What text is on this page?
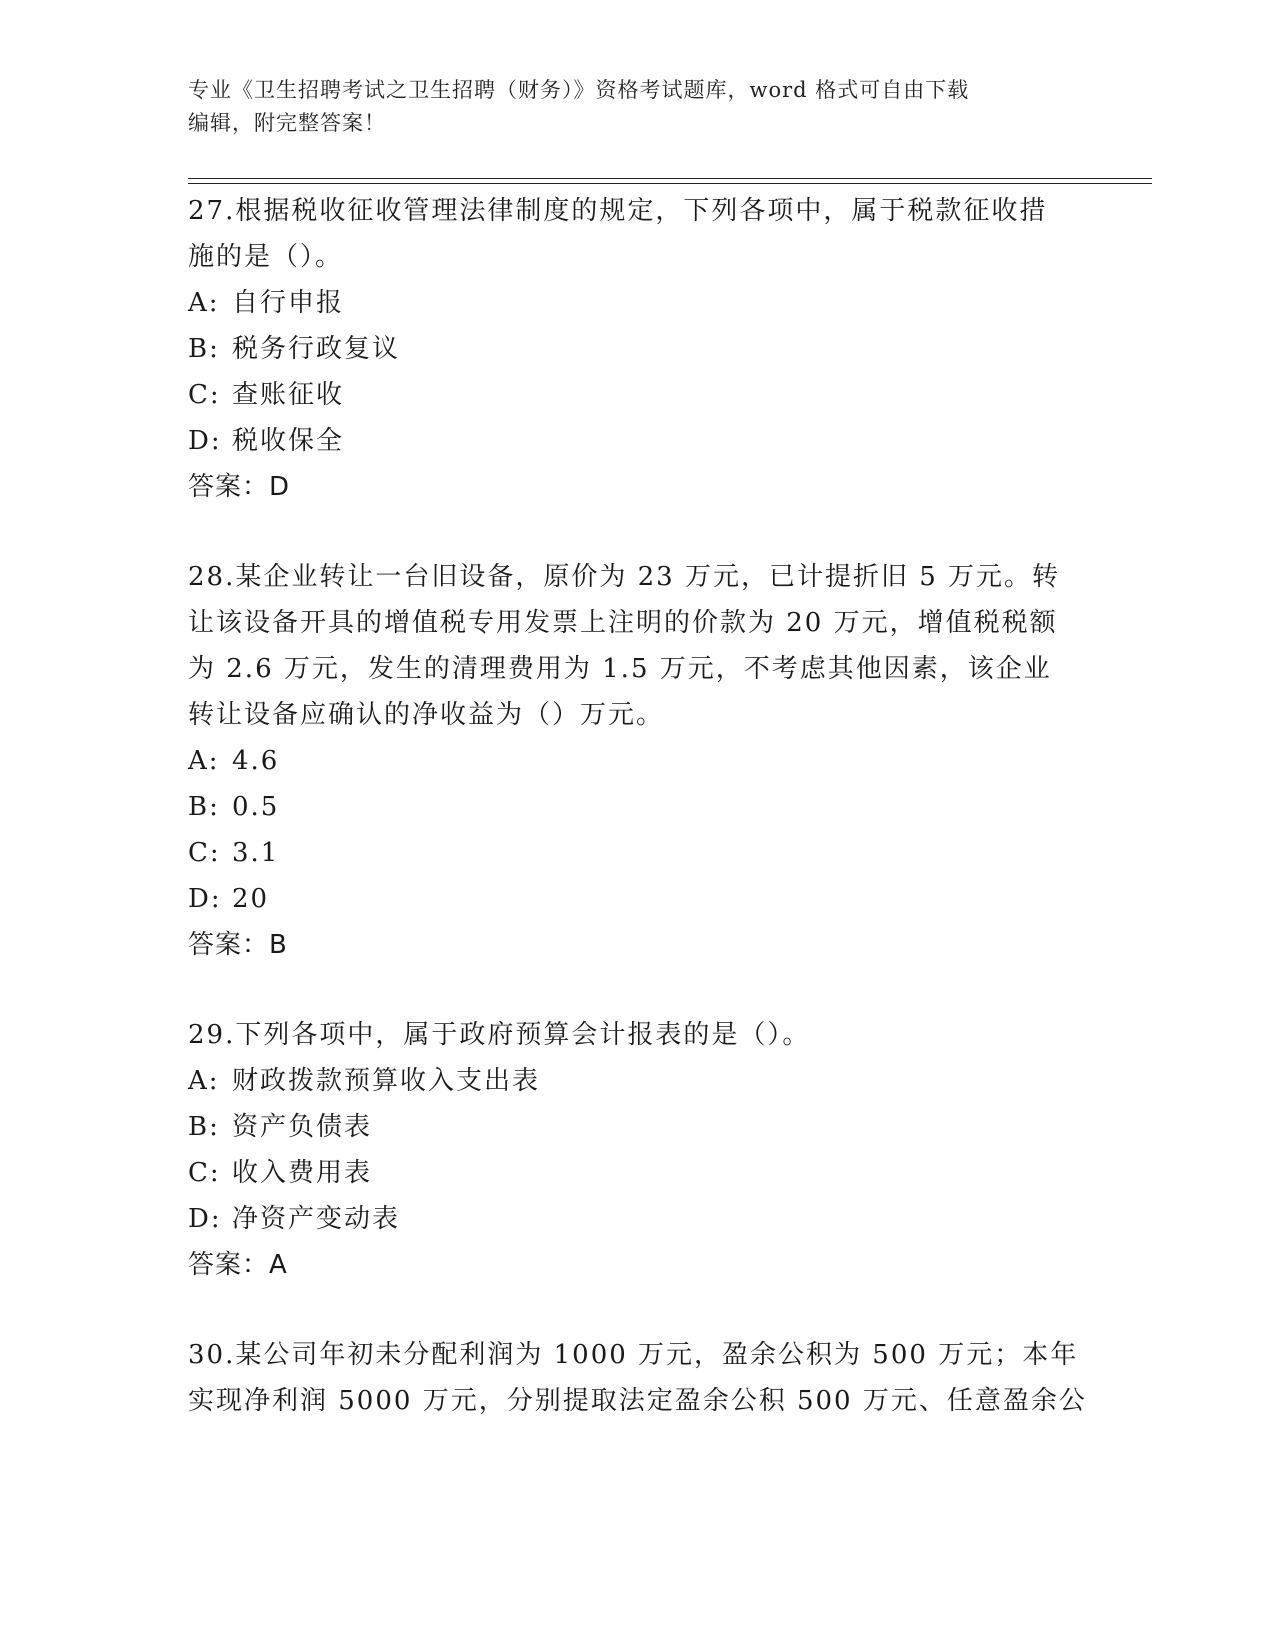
专业《卫生招聘考试之卫生招聘（财务）》资格考试题库，word 格式可自由下载
编辑，附完整答案！
27.根据税收征收管理法律制度的规定，下列各项中，属于税款征收措
施的是（）。
A: 自行申报
B: 税务行政复议
C: 查账征收
D: 税收保全
答案：D
28.某企业转让一台旧设备，原价为 23 万元，已计提折旧 5 万元。转
让该设备开具的增值税专用发票上注明的价款为 20 万元，增值税税额
为 2.6 万元，发生的清理费用为 1.5 万元，不考虑其他因素，该企业
转让设备应确认的净收益为（）万元。
A: 4.6
B: 0.5
C: 3.1
D: 20
答案：B
29.下列各项中，属于政府预算会计报表的是（）。
A: 财政拨款预算收入支出表
B: 资产负债表
C: 收入费用表
D: 净资产变动表
答案：A
30.某公司年初未分配利润为 1000 万元，盈余公积为 500 万元；本年
实现净利润 5000 万元，分别提取法定盈余公积 500 万元、任意盈余公
